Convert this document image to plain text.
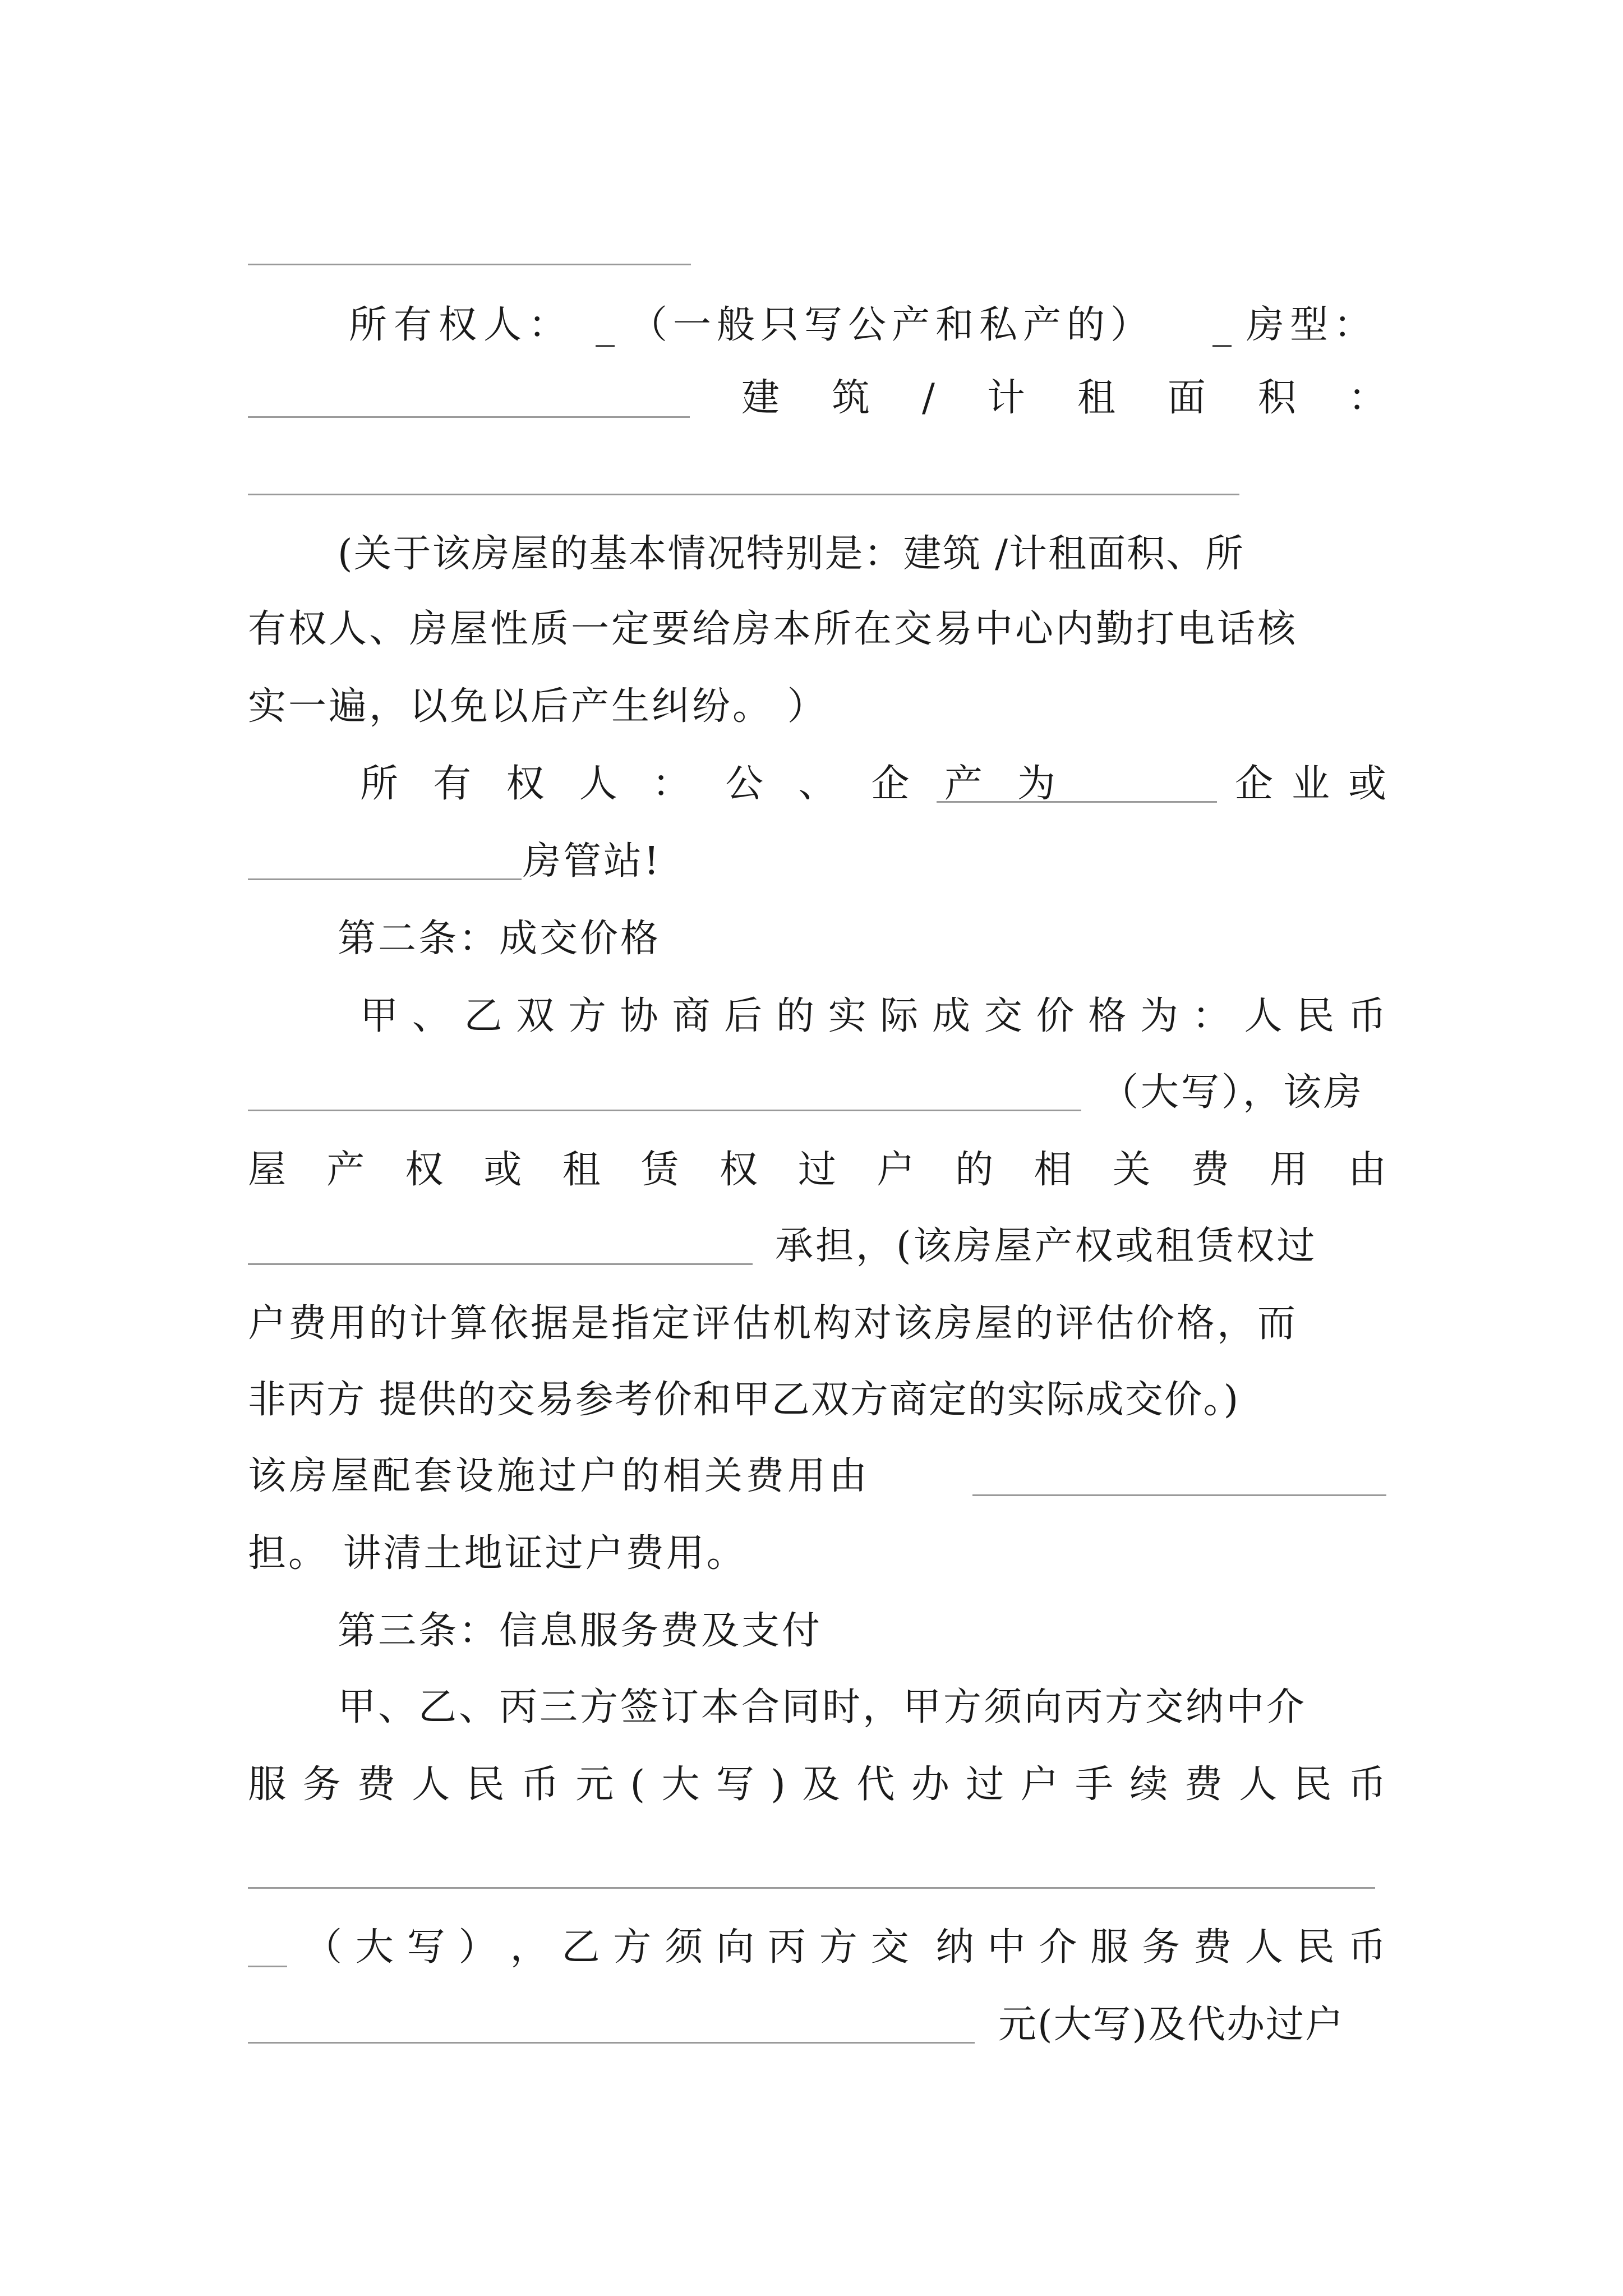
所有权人： _ （一般只写公产和私产的） _ 房型：
建 筑 / 计 租 面 积 ：
(关于该房屋的基本情况特别是：建筑 /计租面积、所
有权人、房屋性质一定要给房本所在交易中心内勤打电话核
实一遍，以免以后产生纠纷。 ）
所 有 权 人 ： 公 、 企 产 为	企 业 或
房管站!
第二条：成交价格
甲 、 乙 双 方 协 商 后 的 实 际 成 交 价 格 为 ： 人 民 币
（大写），该房
屋 产 权 或 租 赁 权 过 户 的 相 关 费 用 由
承担，(该房屋产权或租赁权过
户费用的计算依据是指定评估机构对该房屋的评估价格，而
非丙方 提供的交易参考价和甲乙双方商定的实际成交价。)
该房屋配套设施过户的相关费用由
担。 讲清土地证过户费用。
第三条：信息服务费及支付
甲、乙、丙三方签订本合同时，甲方须向丙方交纳中介
服 务 费 人 民 币 元 ( 大 写 ) 及 代 办 过 户 手 续 费 人 民 币
（ 大 写 ） ， 乙 方 须 向 丙 方 交 纳 中 介 服 务 费 人 民 币
元(大写)及代办过户
